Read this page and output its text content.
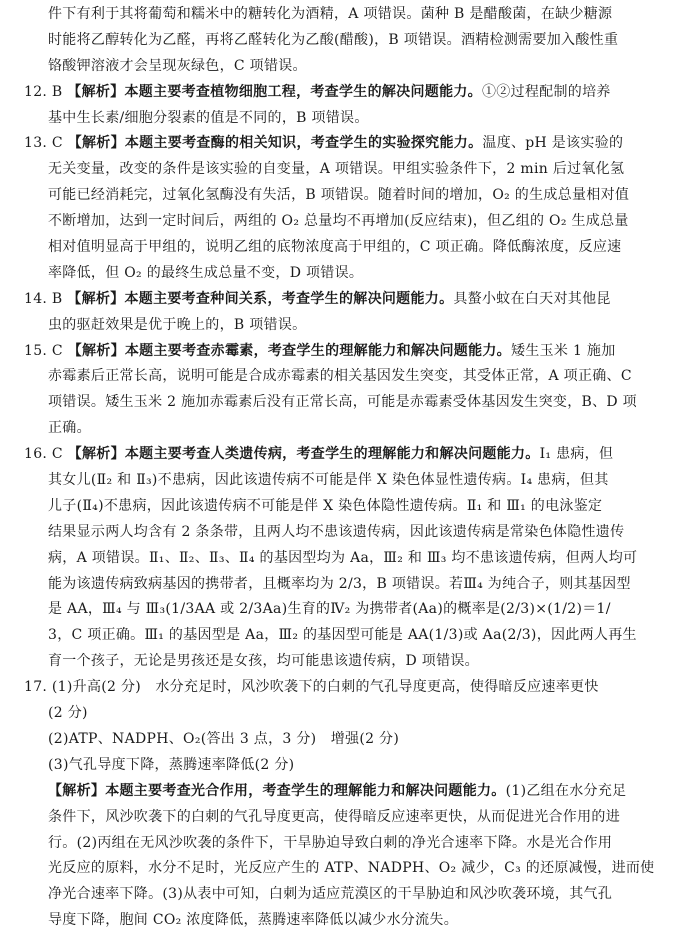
件下有利于其将葡萄和糯米中的糖转化为酒精，A 项错误。菌种 B 是醋酸菌，在缺少糖源
时能将乙醇转化为乙醛，再将乙醛转化为乙酸(醋酸)，B 项错误。酒精检测需要加入酸性重
铬酸钾溶液才会呈现灰绿色，C 项错误。
12. B 【解析】本题主要考查植物细胞工程，考查学生的解决问题能力。①②过程配制的培养
基中生长素/细胞分裂素的值是不同的，B 项错误。
13. C 【解析】本题主要考查酶的相关知识，考查学生的实验探究能力。温度、pH 是该实验的
无关变量，改变的条件是该实验的自变量，A 项错误。甲组实验条件下，2 min 后过氧化氢
可能已经消耗完，过氧化氢酶没有失活，B 项错误。随着时间的增加，O₂ 的生成总量相对值
不断增加，达到一定时间后，两组的 O₂ 总量均不再增加(反应结束)，但乙组的 O₂ 生成总量
相对值明显高于甲组的，说明乙组的底物浓度高于甲组的，C 项正确。降低酶浓度，反应速
率降低，但 O₂ 的最终生成总量不变，D 项错误。
14. B 【解析】本题主要考查种间关系，考查学生的解决问题能力。具螯小蚊在白天对其他昆
虫的驱赶效果是优于晚上的，B 项错误。
15. C 【解析】本题主要考查赤霉素，考查学生的理解能力和解决问题能力。矮生玉米 1 施加
赤霉素后正常长高，说明可能是合成赤霉素的相关基因发生突变，其受体正常，A 项正确、C
项错误。矮生玉米 2 施加赤霉素后没有正常长高，可能是赤霉素受体基因发生突变，B、D 项
正确。
16. C 【解析】本题主要考查人类遗传病，考查学生的理解能力和解决问题能力。Ⅰ₁ 患病，但
其女儿(Ⅱ₂ 和 Ⅱ₃)不患病，因此该遗传病不可能是伴 X 染色体显性遗传病。Ⅰ₄ 患病，但其
儿子(Ⅱ₄)不患病，因此该遗传病不可能是伴 X 染色体隐性遗传病。Ⅱ₁ 和 Ⅲ₁ 的电泳鉴定
结果显示两人均含有 2 条条带，且两人均不患该遗传病，因此该遗传病是常染色体隐性遗传
病，A 项错误。Ⅱ₁、Ⅱ₂、Ⅱ₃、Ⅱ₄ 的基因型均为 Aa，Ⅲ₂ 和 Ⅲ₃ 均不患该遗传病，但两人均可
能为该遗传病致病基因的携带者，且概率均为 2/3，B 项错误。若Ⅲ₄ 为纯合子，则其基因型
是 AA，Ⅲ₄ 与 Ⅲ₃(1/3AA 或 2/3Aa)生育的Ⅳ₂ 为携带者(Aa)的概率是(2/3)×(1/2)＝1/
3，C 项正确。Ⅲ₁ 的基因型是 Aa，Ⅲ₂ 的基因型可能是 AA(1/3)或 Aa(2/3)，因此两人再生
育一个孩子，无论是男孩还是女孩，均可能患该遗传病，D 项错误。
17. (1)升高(2 分)　水分充足时，风沙吹袭下的白刺的气孔导度更高，使得暗反应速率更快
(2 分)
(2)ATP、NADPH、O₂(答出 3 点，3 分)　增强(2 分)
(3)气孔导度下降，蒸腾速率降低(2 分)
【解析】本题主要考查光合作用，考查学生的理解能力和解决问题能力。(1)乙组在水分充足
条件下，风沙吹袭下的白刺的气孔导度更高，使得暗反应速率更快，从而促进光合作用的进
行。(2)丙组在无风沙吹袭的条件下，干旱胁迫导致白刺的净光合速率下降。水是光合作用
光反应的原料，水分不足时，光反应产生的 ATP、NADPH、O₂ 减少，C₃ 的还原减慢，进而使
净光合速率下降。(3)从表中可知，白刺为适应荒漠区的干旱胁迫和风沙吹袭环境，其气孔
导度下降，胞间 CO₂ 浓度降低，蒸腾速率降低以减少水分流失。
